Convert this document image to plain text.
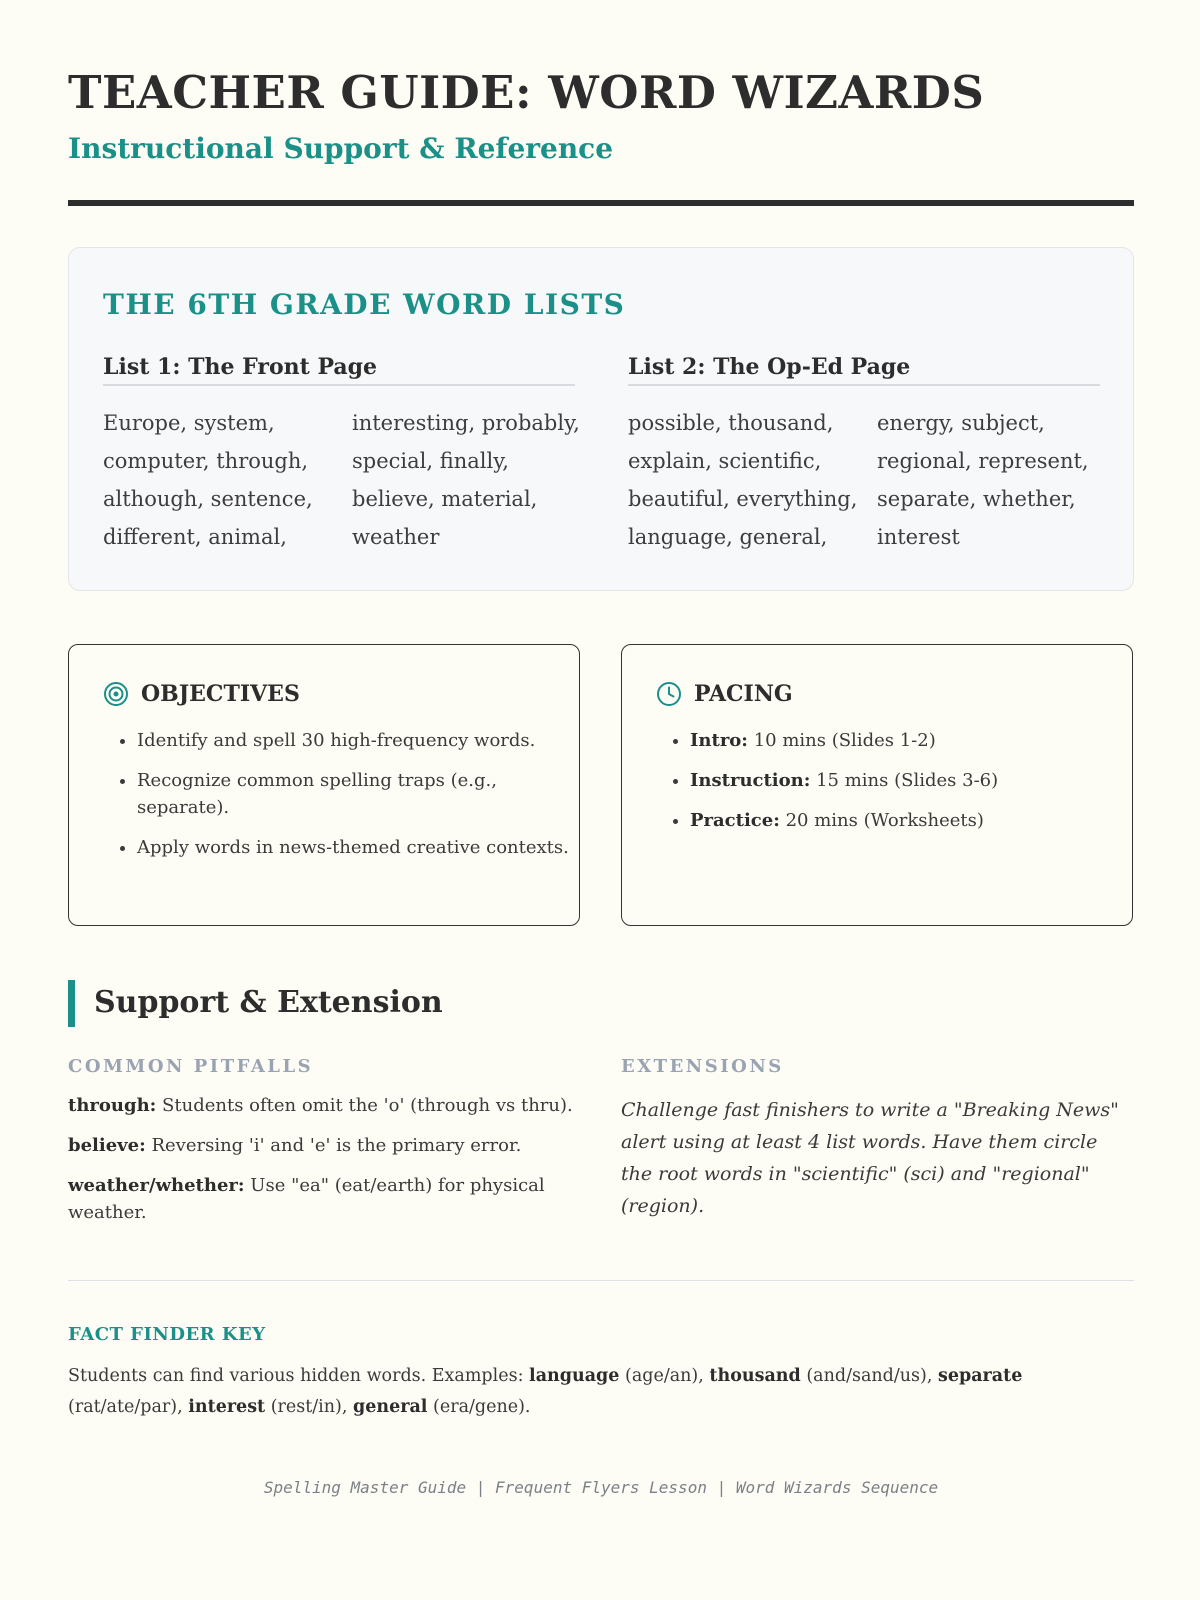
TEACHER GUIDE: WORD WIZARDS
Instructional Support & Reference
THE 6TH GRADE WORD LISTS
List 1: The Front Page
Europe, system,
computer, through,
although, sentence,
different, animal,
interesting, probably,
special, finally,
believe, material,
weather
List 2: The Op-Ed Page
possible, thousand,
explain, scientific,
beautiful, everything,
language, general,
energy, subject,
regional, represent,
separate, whether,
interest
OBJECTIVES
• Identify and spell 30 high-frequency words.
• Recognize common spelling traps (e.g., separate).
• Apply words in news-themed creative contexts.
PACING
• Intro: 10 mins (Slides 1-2)
• Instruction: 15 mins (Slides 3-6)
• Practice: 20 mins (Worksheets)
Support & Extension
COMMON PITFALLS	EXTENSIONS

through: Students often omit the 'o' (through vs thru).

believe: Reversing 'i' and 'e' is the primary error.

weather/whether: Use "ea" (eat/earth) for physical weather.

Challenge fast finishers to write a "Breaking News" alert using at least 4 list words. Have them circle the root words in "scientific" (sci) and "regional" (region).

FACT FINDER KEY

Students can find various hidden words. Examples: language (age/an), thousand (and/sand/us), separate (rat/ate/par), interest (rest/in), general (era/gene).

Spelling Master Guide | Frequent Flyers Lesson | Word Wizards Sequence
